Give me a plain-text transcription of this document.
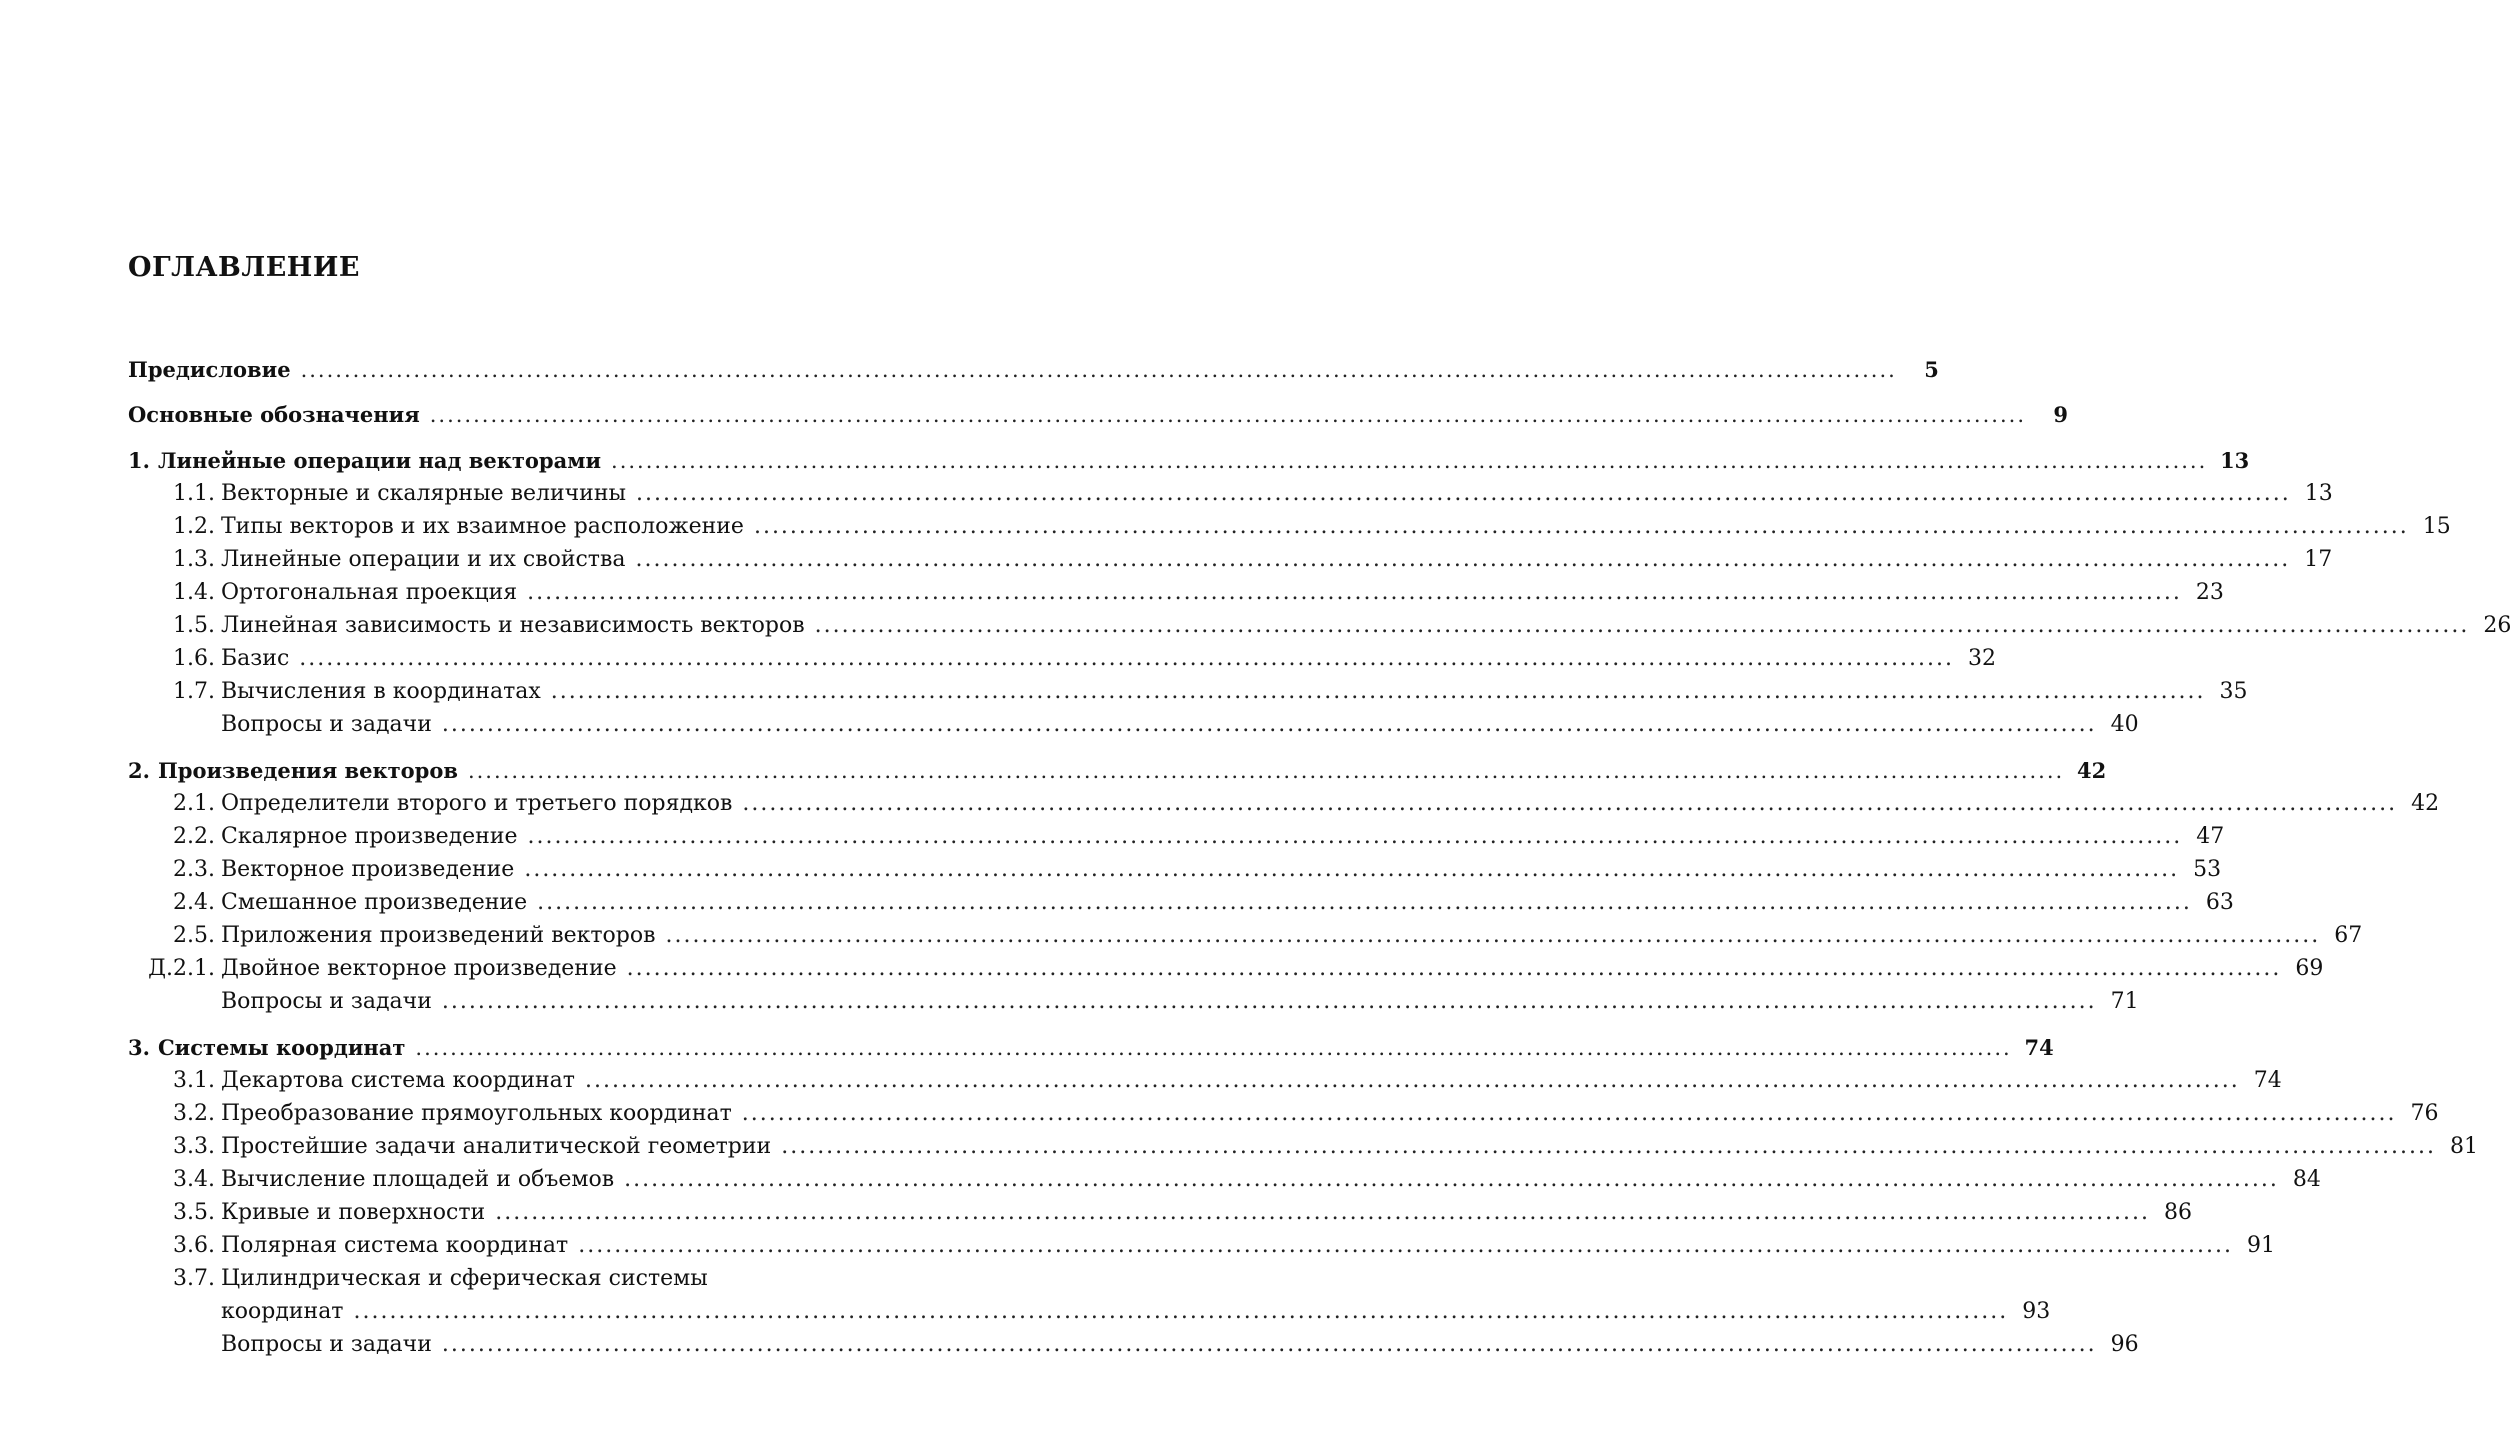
ОГЛАВЛЕНИЕ
Предисловие .....	5
Основные обозначения .....	9
1. Линейные операции над векторами .....	13
1.1. Векторные и скалярные величины .....	13
1.2. Типы векторов и их взаимное расположение .....	15
1.3. Линейные операции и их свойства .....	17
1.4. Ортогональная проекция .....	23
1.5. Линейная зависимость и независимость векторов .....	26
1.6. Базис .....	32
1.7. Вычисления в координатах .....	35
Вопросы и задачи .....	40
2. Произведения векторов .....	42
2.1. Определители второго и третьего порядков .....	42
2.2. Скалярное произведение .....	47
2.3. Векторное произведение .....	53
2.4. Смешанное произведение .....	63
2.5. Приложения произведений векторов .....	67
Д.2.1. Двойное векторное произведение .....	69
Вопросы и задачи .....	71
3. Системы координат .....	74
3.1. Декартова система координат .....	74
3.2. Преобразование прямоугольных координат .....	76
3.3. Простейшие задачи аналитической геометрии .....	81
3.4. Вычисление площадей и объемов .....	84
3.5. Кривые и поверхности .....	86
3.6. Полярная система координат .....	91
3.7. Цилиндрическая и сферическая системы
координат .....	93
Вопросы и задачи .....	96
